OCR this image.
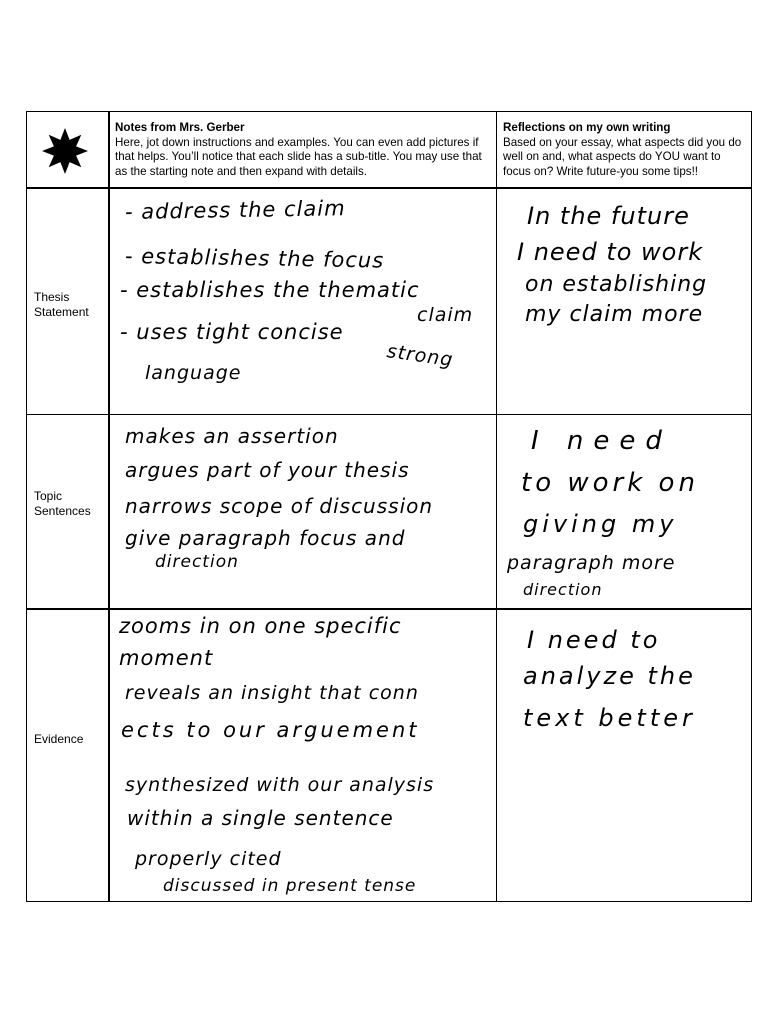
Notes from Mrs. Gerber
Here, jot down instructions and examples. You can even add pictures if that helps. You’ll notice that each slide has a sub-title. You may use that as the starting note and then expand with details.
Reflections on my own writing
Based on your essay, what aspects did you do well on and, what aspects do YOU want to focus on? Write future-you some tips!!
Thesis Statement
Topic Sentences
Evidence
- address the claim
- establishes the focus
- establishes the thematic
claim
- uses tight concise
strong
language
In the future
I need to work
on establishing
my claim more
makes an assertion
argues part of your thesis
narrows scope of discussion
give paragraph focus and
direction
I need
to work on
giving my
paragraph more
direction
zooms in on one specific
moment
reveals an insight that conn
ects to our arguement
synthesized with our analysis
within a single sentence
properly cited
discussed in present tense
I need to
analyze the
text better
